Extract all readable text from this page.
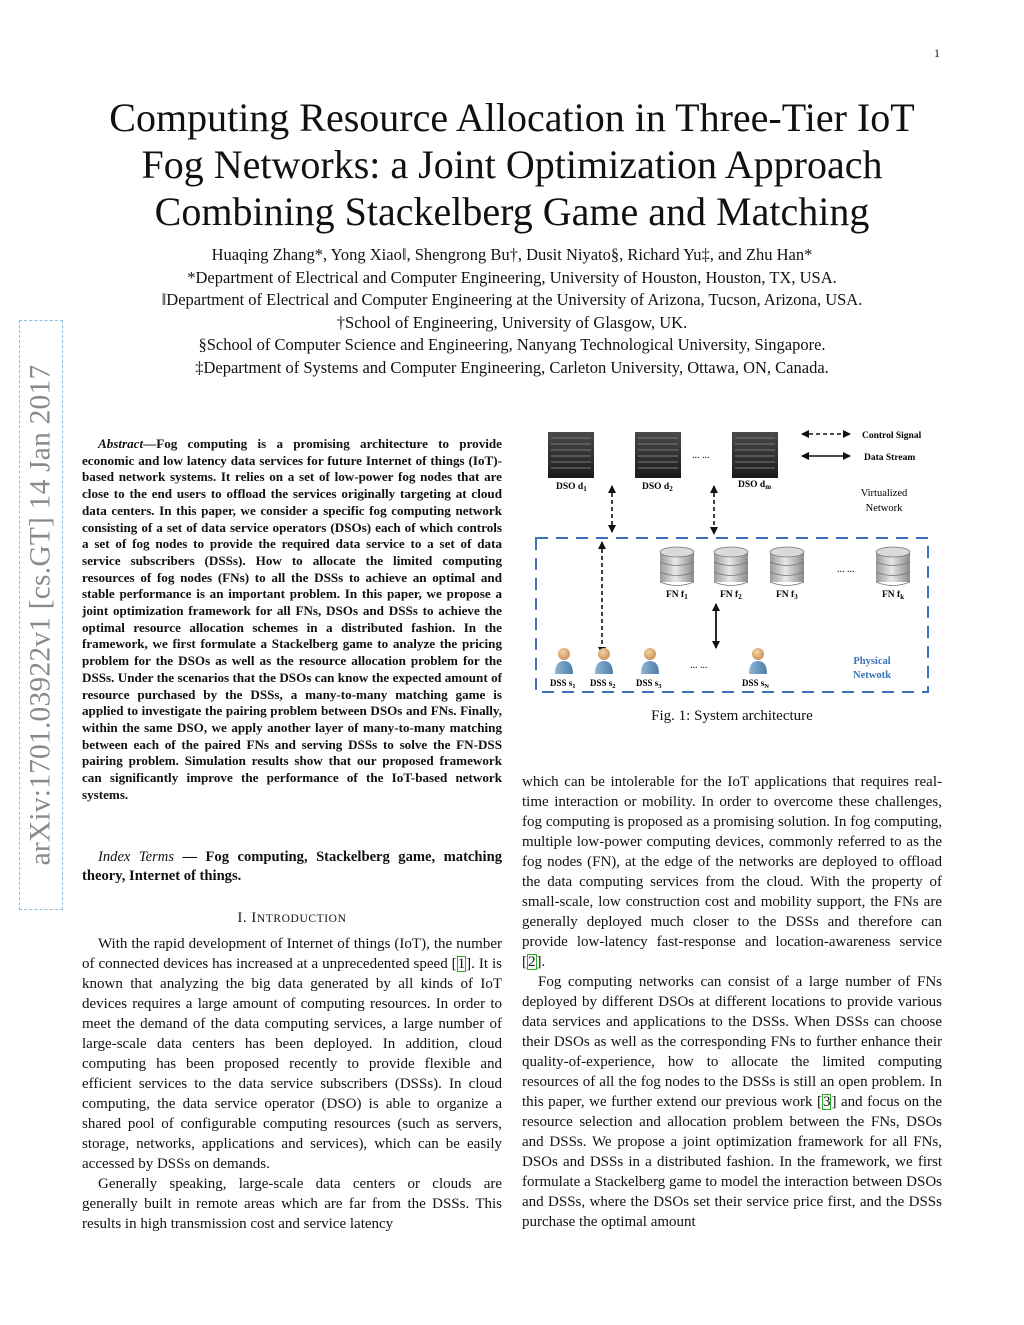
1
Computing Resource Allocation in Three-Tier IoT
Fog Networks: a Joint Optimization Approach
Combining Stackelberg Game and Matching
Huaqing Zhang*, Yong Xiao‖, Shengrong Bu†, Dusit Niyato§, Richard Yu‡, and Zhu Han*
*Department of Electrical and Computer Engineering, University of Houston, Houston, TX, USA.
‖Department of Electrical and Computer Engineering at the University of Arizona, Tucson, Arizona, USA.
†School of Engineering, University of Glasgow, UK.
§School of Computer Science and Engineering, Nanyang Technological University, Singapore.
‡Department of Systems and Computer Engineering, Carleton University, Ottawa, ON, Canada.
arXiv:1701.03922v1 [cs.GT] 14 Jan 2017	Abstract—Fog computing is a promising architecture to provide economic and low latency data services for future Internet of things (IoT)-based network systems. It relies on a set of low-power fog nodes that are close to the end users to offload the services originally targeting at cloud data centers. In this paper, we consider a specific fog computing network consisting of a set of data service operators (DSOs) each of which controls a set of fog nodes to provide the required data service to a set of data service subscribers (DSSs). How to allocate the limited computing resources of fog nodes (FNs) to all the DSSs to achieve an optimal and stable performance is an important problem. In this paper, we propose a joint optimization framework for all FNs, DSOs and DSSs to achieve the optimal resource allocation schemes in a distributed fashion. In the framework, we first formulate a Stackelberg game to analyze the pricing problem for the DSOs as well as the resource allocation problem for the DSSs. Under the scenarios that the DSOs can know the expected amount of resource purchased by the DSSs, a many-to-many matching game is applied to investigate the pairing problem between DSOs and FNs. Finally, within the same DSO, we apply another layer of many-to-many matching between each of the paired FNs and serving DSSs to solve the FN-DSS pairing problem. Simulation results show that our proposed framework can significantly improve the performance of the IoT-based network systems.
Index Terms — Fog computing, Stackelberg game, matching theory, Internet of things.
I. INTRODUCTION

With the rapid development of Internet of things (IoT), the number of connected devices has increased at a unprecedented speed [1]. It is known that analyzing the big data generated by all kinds of IoT devices requires a large amount of computing resources. In order to meet the demand of the data computing services, a large number of large-scale data centers has been deployed. In addition, cloud computing has been proposed recently to provide flexible and efficient services to the data service subscribers (DSSs). In cloud computing, the data service operator (DSO) is able to organize a shared pool of configurable computing resources (such as servers, storage, networks, applications and services), which can be easily accessed by DSSs on demands.

Generally speaking, large-scale data centers or clouds are generally built in remote areas which are far from the DSSs. This results in high transmission cost and service latency

... ...
DSO $d_1$	DSO $d_2$	DSO $d_m$
Control Signal
Data Stream
Virtualized
Network
... ...
FN $f_1$	FN $f_2$	FN $f_3$	FN $f_k$
... ...
DSS $s_1$ DSS $s_2$ DSS $s_3$	DSS $s_N$
Physical
Netwotk
Fig. 1: System architecture

which can be intolerable for the IoT applications that requires real-time interaction or mobility. In order to overcome these challenges, fog computing is proposed as a promising solution. In fog computing, multiple low-power computing devices, commonly referred to as the fog nodes (FN), at the edge of the networks are deployed to offload the data computing services from the cloud. With the property of small-scale, low construction cost and mobility support, the FNs are generally deployed much closer to the DSSs and therefore can provide low-latency fast-response and location-awareness service [2].

Fog computing networks can consist of a large number of FNs deployed by different DSOs at different locations to provide various data services and applications to the DSSs. When DSSs can choose their DSOs as well as the corresponding FNs to further enhance their quality-of-experience, how to allocate the limited computing resources of all the fog nodes to the DSSs is still an open problem. In this paper, we further extend our previous work [3] and focus on the resource selection and allocation problem between the FNs, DSOs and DSSs. We propose a joint optimization framework for all FNs, DSOs and DSSs in a distributed fashion. In the framework, we first formulate a Stackelberg game to model the interaction between DSOs and DSSs, where the DSOs set their service price first, and the DSSs purchase the optimal amount
